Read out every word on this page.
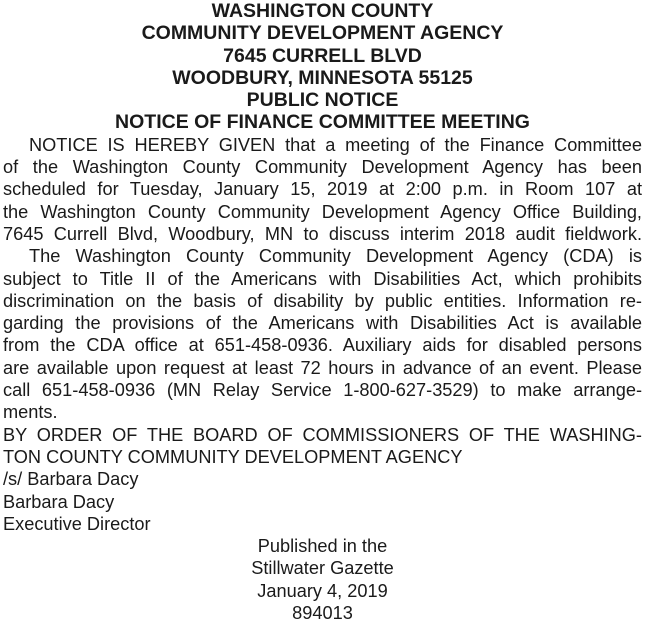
WASHINGTON COUNTY
COMMUNITY DEVELOPMENT AGENCY
7645 CURRELL BLVD
WOODBURY, MINNESOTA 55125
PUBLIC NOTICE
NOTICE OF FINANCE COMMITTEE MEETING
NOTICE IS HEREBY GIVEN that a meeting of the Finance Committee
of the Washington County Community Development Agency has been
scheduled for Tuesday, January 15, 2019 at 2:00 p.m. in Room 107 at
the Washington County Community Development Agency Office Building,
7645 Currell Blvd, Woodbury, MN to discuss interim 2018 audit fieldwork.
The Washington County Community Development Agency (CDA) is
subject to Title II of the Americans with Disabilities Act, which prohibits
discrimination on the basis of disability by public entities. Information re-
garding the provisions of the Americans with Disabilities Act is available
from the CDA office at 651-458-0936. Auxiliary aids for disabled persons
are available upon request at least 72 hours in advance of an event. Please
call 651-458-0936 (MN Relay Service 1-800-627-3529) to make arrange-
ments.
BY ORDER OF THE BOARD OF COMMISSIONERS OF THE WASHING-
TON COUNTY COMMUNITY DEVELOPMENT AGENCY
/s/ Barbara Dacy
Barbara Dacy
Executive Director
Published in the
Stillwater Gazette
January 4, 2019
894013
